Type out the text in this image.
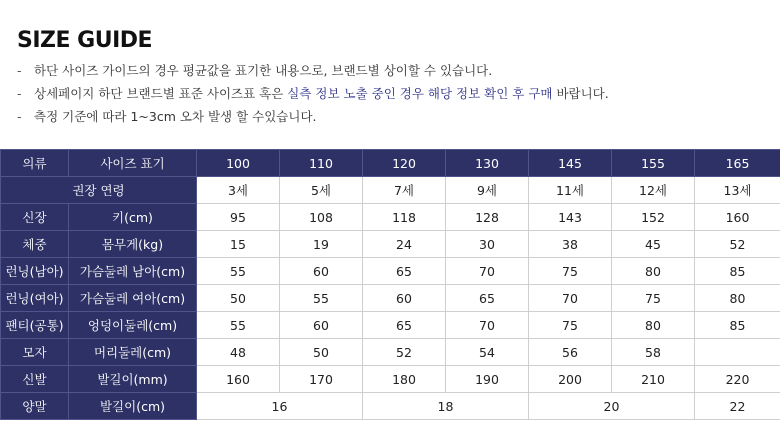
SIZE GUIDE
- 하단 사이즈 가이드의 경우 평균값을 표기한 내용으로, 브랜드별 상이할 수 있습니다.
- 상세페이지 하단 브랜드별 표준 사이즈표 혹은 실측 정보 노출 중인 경우 해당 정보 확인 후 구매 바랍니다.
- 측정 기준에 따라 1~3cm 오차 발생 할 수있습니다.
의류	사이즈 표기	100	110	120	130	145	155	165
권장 연령		3세	5세	7세	9세	11세	12세	13세
신장	키(cm)	95	108	118	128	143	152	160
체중	몸무게(kg)	15	19	24	30	38	45	52
런닝(남아)	가슴둘레 남아(cm)	55	60	65	70	75	80	85
런닝(여아)	가슴둘레 여아(cm)	50	55	60	65	70	75	80
팬티(공통)	엉덩이둘레(cm)	55	60	65	70	75	80	85
모자	머리둘레(cm)	48	50	52	54	56	58	
신발	발길이(mm)	160	170	180	190	200	210	220
양말	발길이(cm)	16		18		20		22
